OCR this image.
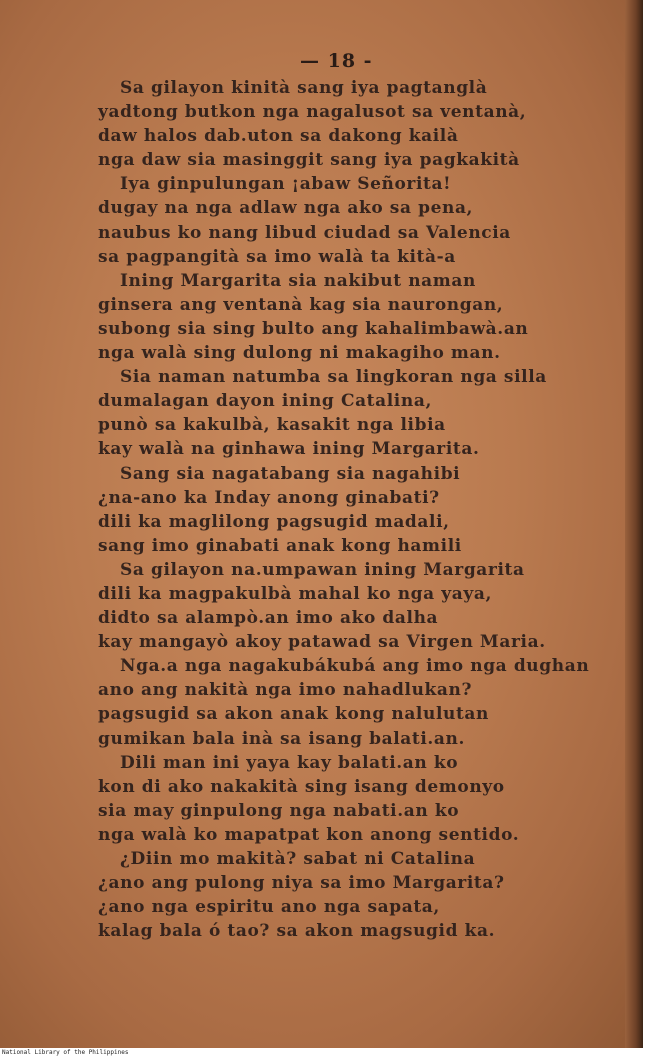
— 18 -
Sa gilayon kinità sang iya pagtanglà
yadtong butkon nga nagalusot sa ventanà,
daw halos dab.uton sa dakong kailà
nga daw sia masinggit sang iya pagkakità
Iya ginpulungan ¡abaw Señorita!
dugay na nga adlaw nga ako sa pena,
naubus ko nang libud ciudad sa Valencia
sa pagpangità sa imo walà ta kità-a
Ining Margarita sia nakibut naman
ginsera ang ventanà kag sia naurongan,
subong sia sing bulto ang kahalimbawà.an
nga walà sing dulong ni makagiho man.
Sia naman natumba sa lingkoran nga silla
dumalagan dayon ining Catalina,
punò sa kakulbà, kasakit nga libia
kay walà na ginhawa ining Margarita.
Sang sia nagatabang sia nagahibi
¿na-ano ka Inday anong ginabati?
dili ka maglilong pagsugid madali,
sang imo ginabati anak kong hamili
Sa gilayon na.umpawan ining Margarita
dili ka magpakulbà mahal ko nga yaya,
didto sa alampò.an imo ako dalha
kay mangayò akoy patawad sa Virgen Maria.
Nga.a nga nagakubákubá ang imo nga dughan
ano ang nakità nga imo nahadlukan?
pagsugid sa akon anak kong nalulutan
gumikan bala inà sa isang balati.an.
Dili man ini yaya kay balati.an ko
kon di ako nakakità sing isang demonyo
sia may ginpulong nga nabati.an ko
nga walà ko mapatpat kon anong sentido.
¿Diin mo makità? sabat ni Catalina
¿ano ang pulong niya sa imo Margarita?
¿ano nga espiritu ano nga sapata,
kalag bala ó tao? sa akon magsugid ka.
National Library of the Philippines
